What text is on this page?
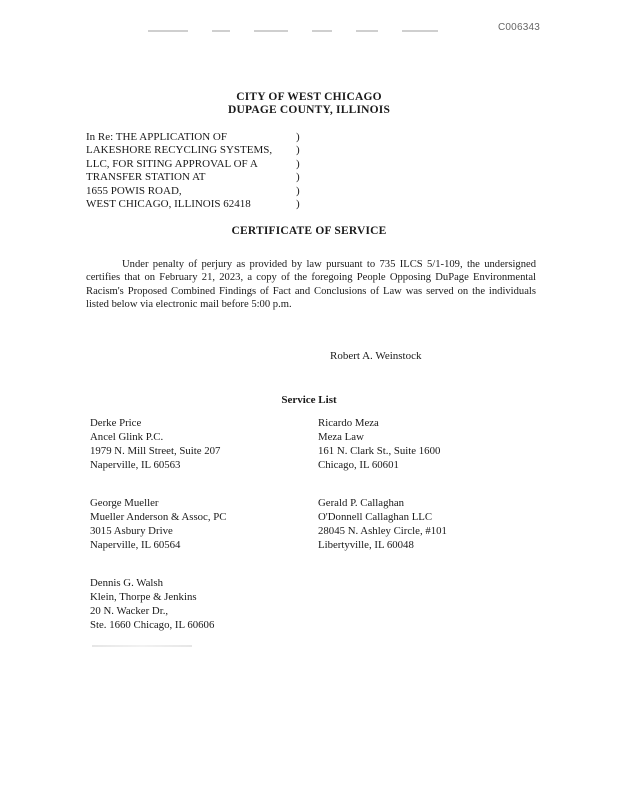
C006343
CITY OF WEST CHICAGO
DUPAGE COUNTY, ILLINOIS
In Re: THE APPLICATION OF	)
LAKESHORE RECYCLING SYSTEMS,	)
LLC, FOR SITING APPROVAL OF A	)
TRANSFER STATION AT	)
1655 POWIS ROAD,	)
WEST CHICAGO, ILLINOIS 62418	)
CERTIFICATE OF SERVICE
Under penalty of perjury as provided by law pursuant to 735 ILCS 5/1-109, the undersigned certifies that on February 21, 2023, a copy of the foregoing People Opposing DuPage Environmental Racism's Proposed Combined Findings of Fact and Conclusions of Law was served on the individuals listed below via electronic mail before 5:00 p.m.
Robert A. Weinstock
Service List
Derke Price
Ancel Glink P.C.
1979 N. Mill Street, Suite 207
Naperville, IL 60563
Ricardo Meza
Meza Law
161 N. Clark St., Suite 1600
Chicago, IL 60601
George Mueller
Mueller Anderson & Assoc, PC
3015 Asbury Drive
Naperville, IL 60564
Gerald P. Callaghan
O'Donnell Callaghan LLC
28045 N. Ashley Circle, #101
Libertyville, IL 60048
Dennis G. Walsh
Klein, Thorpe & Jenkins
20 N. Wacker Dr.,
Ste. 1660 Chicago, IL 60606
